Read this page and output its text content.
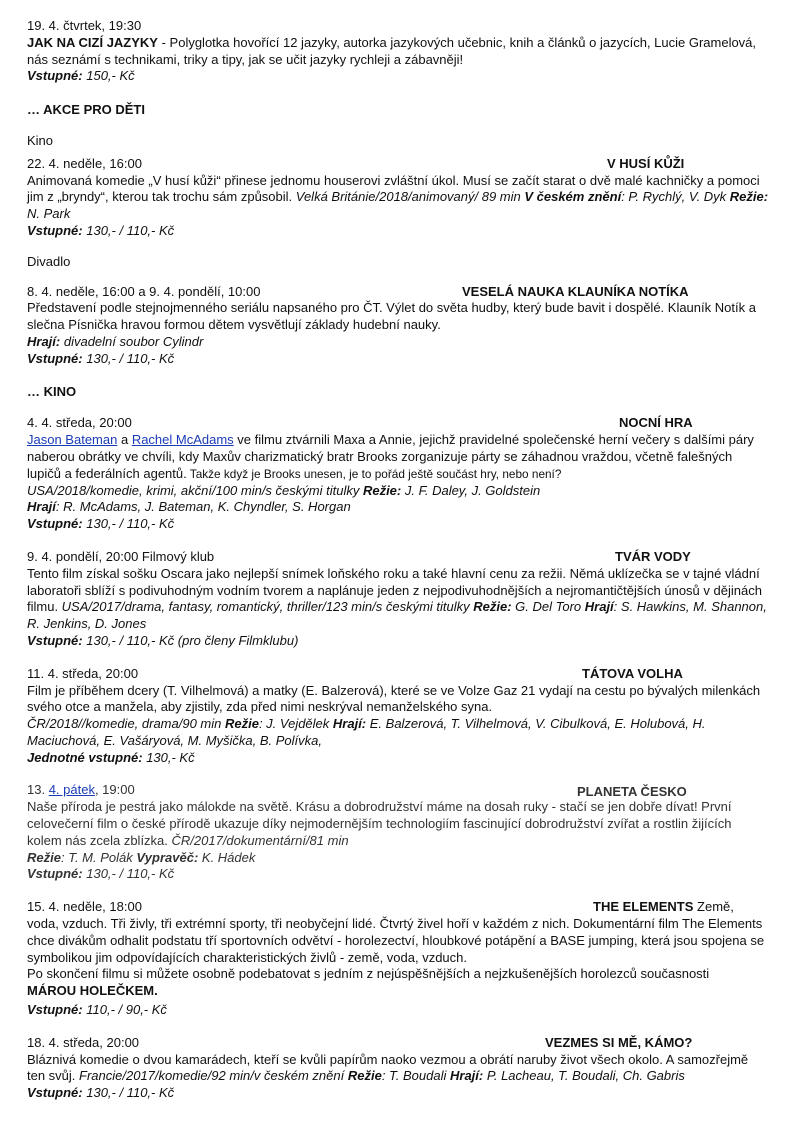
19. 4. čtvrtek, 19:30

JAK NA CIZÍ JAZYKY - Polyglotka hovořící 12 jazyky, autorka jazykových učebnic, knih a článků o jazycích, Lucie Gramelová, nás seznámí s technikami, triky a tipy, jak se učit jazyky rychleji a zábavněji!

Vstupné: 150,- Kč

… AKCE PRO DĚTI
Kino
22. 4. neděle, 16:00	V HUSÍ KŮŽI

Animovaná komedie „V husí kůži“ přinese jednomu houserovi zvláštní úkol. Musí se začít starat o dvě malé kachničky a pomoci jim z „bryndy“, kterou tak trochu sám způsobil. Velká Británie/2018/animovaný/ 89 min V českém znění: P. Rychlý, V. Dyk Režie: N. Park

Vstupné: 130,- / 110,- Kč

Divadlo
8. 4. neděle, 16:00 a 9. 4. pondělí, 10:00	VESELÁ NAUKA KLAUNÍKA NOTÍKA

Představení podle stejnojmenného seriálu napsaného pro ČT. Výlet do světa hudby, který bude bavit i dospělé. Klauník Notík a slečna Písnička hravou formou dětem vysvětlují základy hudební nauky.

Hrají: divadelní soubor Cylindr

Vstupné: 130,- / 110,- Kč

… KINO
4. 4. středa, 20:00	NOCNÍ HRA

Jason Bateman a Rachel McAdams ve filmu ztvárnili Maxa a Annie, jejichž pravidelné společenské herní večery s dalšími páry naberou obrátky ve chvíli, kdy Maxův charizmatický bratr Brooks zorganizuje párty se záhadnou vraždou, včetně falešných lupičů a federálních agentů. Takže když je Brooks unesen, je to pořád ještě součást hry, nebo není?

USA/2018/komedie, krimi, akční/100 min/s českými titulky Režie: J. F. Daley, J. Goldstein

Hrají: R. McAdams, J. Bateman, K. Chyndler, S. Horgan

Vstupné: 130,- / 110,- Kč

9. 4. pondělí, 20:00 Filmový klub	TVÁR VODY

Tento film získal sošku Oscara jako nejlepší snímek loňského roku a také hlavní cenu za režii. Němá uklízečka se v tajné vládní laboratoři sblíží s podivuhodným vodním tvorem a naplánuje jeden z nejpodivuhodnějších a nejromantičtějších únosů v dějinách filmu. USA/2017/drama, fantasy, romantický, thriller/123 min/s českými titulky Režie: G. Del Toro Hrají: S. Hawkins, M. Shannon, R. Jenkins, D. Jones

Vstupné: 130,- / 110,- Kč (pro členy Filmklubu)

11. 4. středa, 20:00	TÁTOVA VOLHA

Film je příběhem dcery (T. Vilhelmová) a matky (E. Balzerová), které se ve Volze Gaz 21 vydají na cestu po bývalých milenkách svého otce a manžela, aby zjistily, zda před nimi neskrýval nemanželského syna.

ČR/2018//komedie, drama/90 min Režie: J. Vejdělek Hrají: E. Balzerová, T. Vilhelmová, V. Cibulková, E. Holubová, H. Maciuchová, E. Vašáryová, M. Myšička, B. Polívka,

Jednotné vstupné: 130,- Kč

13. 4. pátek, 19:00	PLANETA ČESKO

Naše příroda je pestrá jako málokde na světě. Krásu a dobrodružství máme na dosah ruky - stačí se jen dobře dívat! První celovečerní film o české přírodě ukazuje díky nejmodernějším technologiím fascinující dobrodružství zvířat a rostlin žijících kolem nás zcela zblízka. ČR/2017/dokumentární/81 min

Režie: T. M. Polák Vypravěč: K. Hádek

Vstupné: 130,- / 110,- Kč

15. 4. neděle, 18:00	THE ELEMENTS Země,

voda, vzduch. Tři živly, tři extrémní sporty, tři neobyčejní lidé. Čtvrtý živel hoří v každém z nich. Dokumentární film The Elements chce divákům odhalit podstatu tří sportovních odvětví - horolezectví, hloubkové potápění a BASE jumping, která jsou spojena se symbolikou jim odpovídajících charakteristických živlů - země, voda, vzduch.

Po skončení filmu si můžete osobně podebatovat s jedním z nejúspěšnějších a nejzkušenějších horolezců současnosti

MÁROU HOLEČKEM.

Vstupné: 110,- / 90,- Kč

18. 4. středa, 20:00	VEZMES SI MĚ, KÁMO?

Bláznivá komedie o dvou kamarádech, kteří se kvůli papírům naoko vezmou a obrátí naruby život všech okolo. A samozřejmě ten svůj. Francie/2017/komedie/92 min/v českém znění Režie: T. Boudali Hrají: P. Lacheau, T. Boudali, Ch. Gabris

Vstupné: 130,- / 110,- Kč
